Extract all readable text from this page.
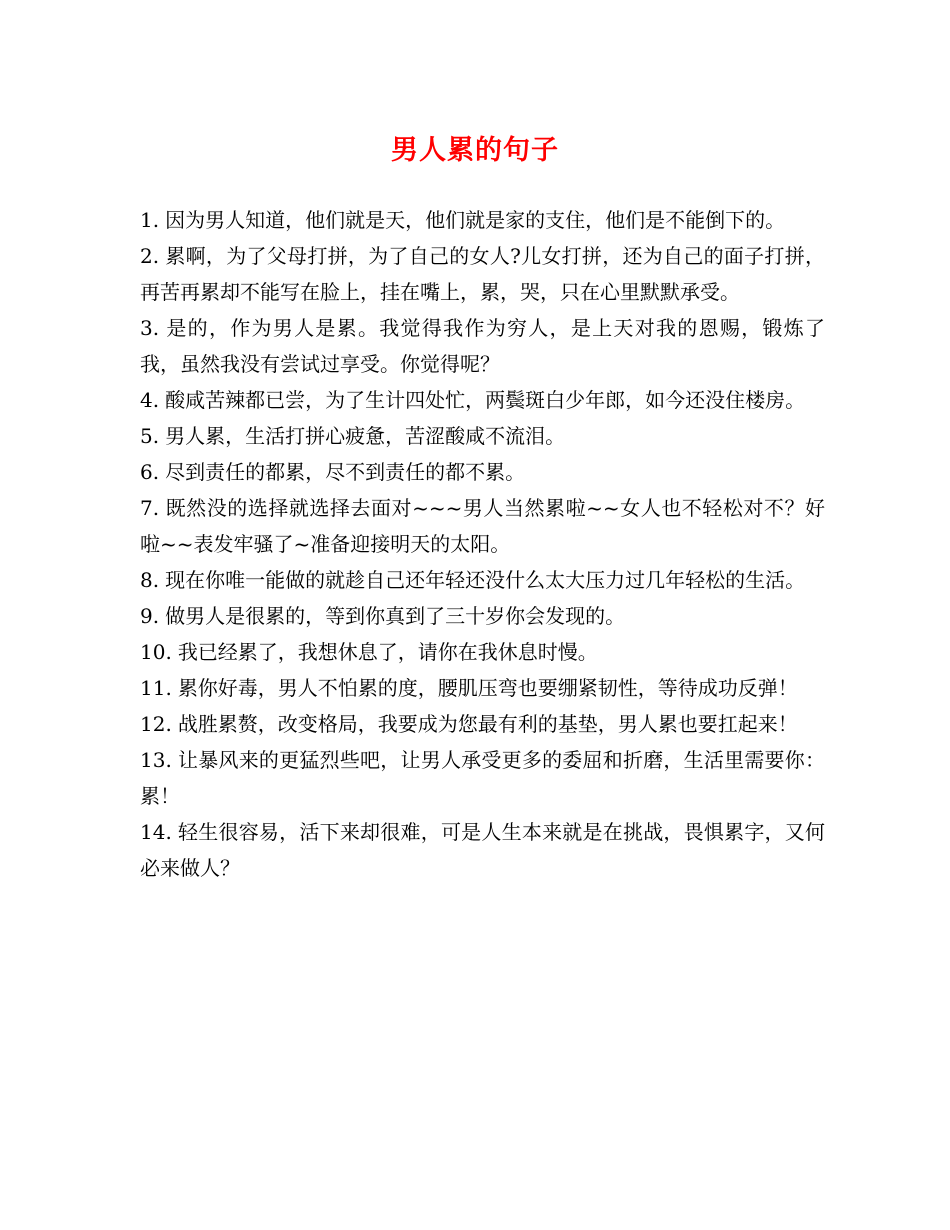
男人累的句子

1. 因为男人知道，他们就是天，他们就是家的支住，他们是不能倒下的。

2. 累啊，为了父母打拼，为了自己的女人?儿女打拼，还为自己的面子打拼，再苦再累却不能写在脸上，挂在嘴上，累，哭，只在心里默默承受。

3. 是的，作为男人是累。我觉得我作为穷人，是上天对我的恩赐，锻炼了我，虽然我没有尝试过享受。你觉得呢？

4. 酸咸苦辣都已尝，为了生计四处忙，两鬓斑白少年郎，如今还没住楼房。

5. 男人累，生活打拼心疲惫，苦涩酸咸不流泪。

6. 尽到责任的都累，尽不到责任的都不累。

7. 既然没的选择就选择去面对~~~男人当然累啦~~女人也不轻松对不？好啦~~表发牢骚了~准备迎接明天的太阳。

8. 现在你唯一能做的就趁自己还年轻还没什么太大压力过几年轻松的生活。

9. 做男人是很累的，等到你真到了三十岁你会发现的。

10. 我已经累了，我想休息了，请你在我休息时慢。

11. 累你好毒，男人不怕累的度，腰肌压弯也要绷紧韧性，等待成功反弹！

12. 战胜累赘，改变格局，我要成为您最有利的基垫，男人累也要扛起来！

13. 让暴风来的更猛烈些吧，让男人承受更多的委屈和折磨，生活里需要你：累！

14. 轻生很容易，活下来却很难，可是人生本来就是在挑战，畏惧累字，又何必来做人？
